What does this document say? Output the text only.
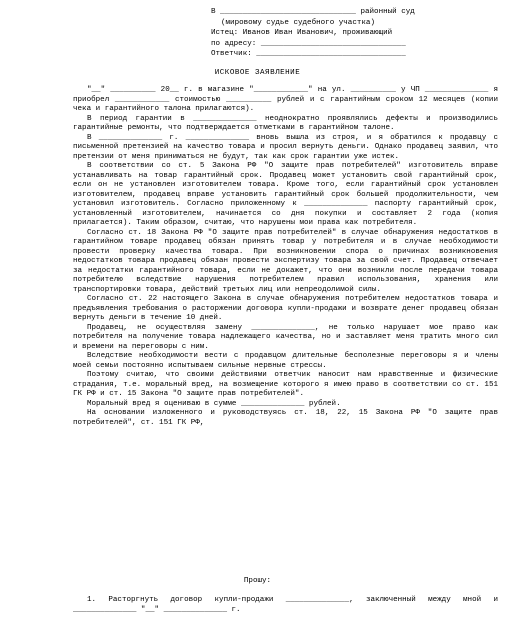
В ______________________________ районный суд
(мировому судье судебного участка)
Истец: Иванов Иван Иванович, проживающий
по адресу: ________________________________
Ответчик: _________________________________
ИСКОВОЕ ЗАЯВЛЕНИЕ

"__" __________ 20__ г. в магазине "____________" на ул. __________ у ЧП ______________ я приобрел ____________ стоимостью __________ рублей и с гарантийным сроком 12 месяцев (копии чека и гарантийного талона прилагаются).

В период гарантии в ______________ неоднократно проявлялись дефекты и производились гарантийные ремонты, что подтверждается отметками в гарантийном талоне.

В ______________ г. ______________ вновь вышла из строя, и я обратился к продавцу с письменной претензией на качество товара и просил вернуть деньги. Однако продавец заявил, что претензии от меня приниматься не будут, так как срок гарантии уже истек.

В соответствии со ст. 5 Закона РФ "О защите прав потребителей" изготовитель вправе устанавливать на товар гарантийный срок. Продавец может установить свой гарантийный срок, если он не установлен изготовителем товара. Кроме того, если гарантийный срок установлен изготовителем, продавец вправе установить гарантийный срок большей продолжительности, чем установил изготовитель. Согласно приложенному к ______________ паспорту гарантийный срок, установленный изготовителем, начинается со дня покупки и составляет 2 года (копия прилагается). Таким образом, считаю, что нарушены мои права как потребителя.

Согласно ст. 18 Закона РФ "О защите прав потребителей" в случае обнаружения недостатков в гарантийном товаре продавец обязан принять товар у потребителя и в случае необходимости провести проверку качества товара. При возникновении спора о причинах возникновения недостатков товара продавец обязан провести экспертизу товара за свой счет. Продавец отвечает за недостатки гарантийного товара, если не докажет, что они возникли после передачи товара потребителю вследствие нарушения потребителем правил использования, хранения или транспортировки товара, действий третьих лиц или непреодолимой силы.

Согласно ст. 22 настоящего Закона в случае обнаружения потребителем недостатков товара и предъявления требования о расторжении договора купли-продажи и возврате денег продавец обязан вернуть деньги в течение 10 дней.

Продавец, не осуществляя замену ______________, не только нарушает мое право как потребителя на получение товара надлежащего качества, но и заставляет меня тратить много сил и времени на переговоры с ним.

Вследствие необходимости вести с продавцом длительные бесполезные переговоры я и члены моей семьи постоянно испытываем сильные нервные стрессы.

Поэтому считаю, что своими действиями ответчик наносит нам нравственные и физические страдания, т.е. моральный вред, на возмещение которого я имею право в соответствии со ст. 151 ГК РФ и ст. 15 Закона "О защите прав потребителей".

Моральный вред я оцениваю в сумме ______________ рублей.

На основании изложенного и руководствуясь ст. 18, 22, 15 Закона РФ "О защите прав потребителей", ст. 151 ГК РФ,

Прошу:
1. Расторгнуть договор купли-продажи ______________, заключенный между мной и ______________ "__" ______________ г.
